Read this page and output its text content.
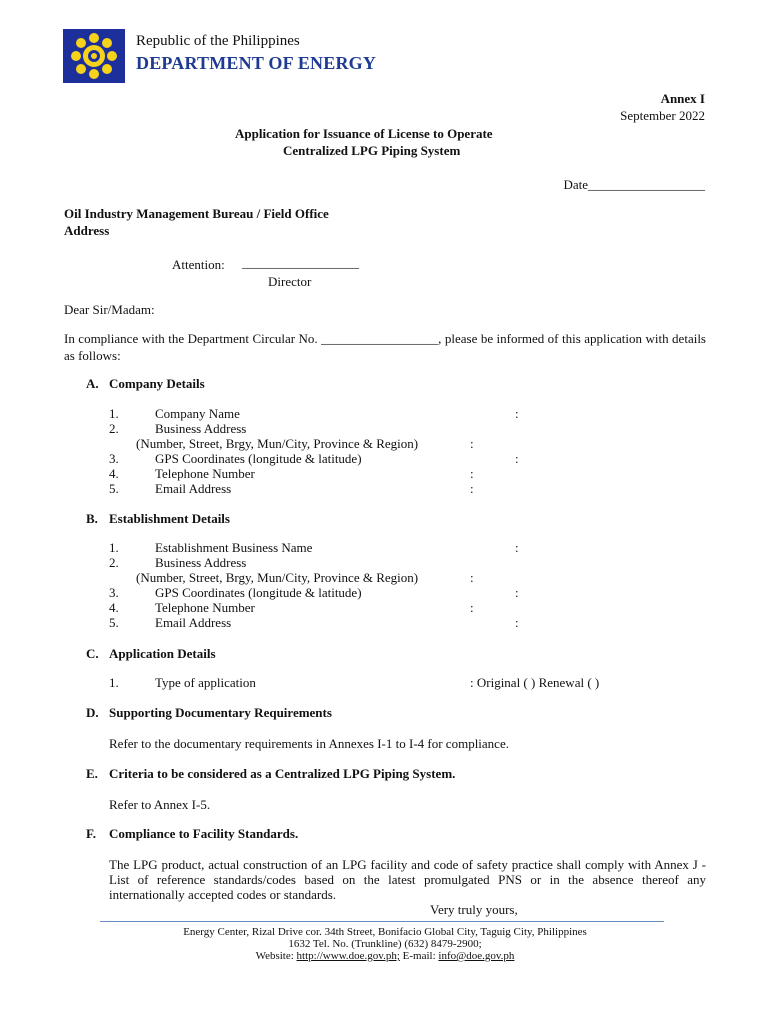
Republic of the Philippines
DEPARTMENT OF ENERGY
Annex I
September 2022
Application for Issuance of License to Operate
Centralized LPG Piping System
Date__________________
Oil Industry Management Bureau / Field Office
Address
Attention: __________________
Director
Dear Sir/Madam:
In compliance with the Department Circular No. __________________, please be informed of this application with details as follows:
A. Company Details
1.	Company Name	:
2.	Business Address
(Number, Street, Brgy, Mun/City, Province & Region)	:
3.	GPS Coordinates (longitude & latitude)	:
4.	Telephone Number	:
5.	Email Address	:
B. Establishment Details
1.	Establishment Business Name	:
2.	Business Address
(Number, Street, Brgy, Mun/City, Province & Region)	:
3.	GPS Coordinates (longitude & latitude)	:
4.	Telephone Number	:
5.	Email Address	:
C. Application Details
1.	Type of application	: Original ( ) Renewal ( )
D. Supporting Documentary Requirements
Refer to the documentary requirements in Annexes I-1 to I-4 for compliance.
E. Criteria to be considered as a Centralized LPG Piping System.
Refer to Annex I-5.
F. Compliance to Facility Standards.
The LPG product, actual construction of an LPG facility and code of safety practice shall comply with Annex J - List of reference standards/codes based on the latest promulgated PNS or in the absence thereof any internationally accepted codes or standards.
Very truly yours,
Energy Center, Rizal Drive cor. 34th Street, Bonifacio Global City, Taguig City, Philippines
1632 Tel. No. (Trunkline) (632) 8479-2900;
Website: http://www.doe.gov.ph; E-mail: info@doe.gov.ph
